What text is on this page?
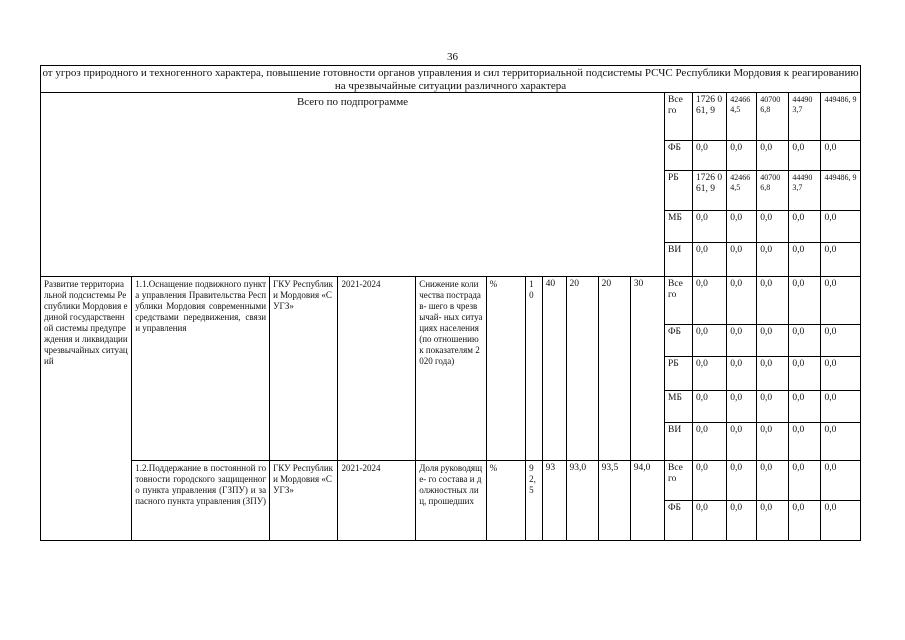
36
от угроз природного и техногенного характера, повышение готовности органов управления и сил территориальной подсистемы РСЧС Республики Мордовия к реагированию на чрезвычайные ситуации различного характера
Всего по подпрограмме											Все го	1726 061, 9	42466 4,5	40700 6,8	44490 3,7	449486, 9
											ФБ	0,0	0,0	0,0	0,0	0,0
											РБ	1726 061, 9	42466 4,5	40700 6,8	44490 3,7	449486, 9
											МБ	0,0	0,0	0,0	0,0	0,0
											ВИ	0,0	0,0	0,0	0,0	0,0
Развитие территориальной подсистемы Республики Мордовия единой государственной системы предупреждения и ликвидации чрезвычайных ситуаций	1.1.Оснащение подвижного пункта управления Правительства Республики Мордовия современными средствами передвижения, связи и управления	ГКУ Республики Мордовия «СУГЗ»	2021-2024	Снижение количества пострадав- шего в чрезвычай- ных ситуациях населения (по отношению к показателям 2020 года)	%	1 0	40	20	20	30	Все го	0,0	0,0	0,0	0,0	0,0
											ФБ	0,0	0,0	0,0	0,0	0,0
											РБ	0,0	0,0	0,0	0,0	0,0
											МБ	0,0	0,0	0,0	0,0	0,0
											ВИ	0,0	0,0	0,0	0,0	0,0
	1.2.Поддержание в постоянной готовности городского защищенного пункта управления (ГЗПУ) и запасного пункта управления (ЗПУ)	ГКУ Республики Мордовия «СУГЗ»	2021-2024	Доля руководяще- го состава и должностных лиц, прошедших	%	9 2, 5	93	93,0	93,5	94,0	Все го	0,0	0,0	0,0	0,0	0,0
											ФБ	0,0	0,0	0,0	0,0	0,0
